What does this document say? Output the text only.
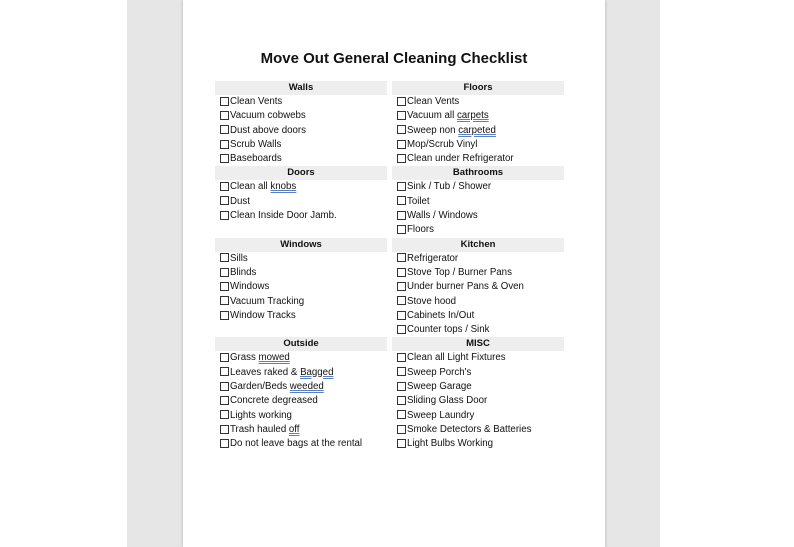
Move Out General Cleaning Checklist
Walls
Clean Vents
Vacuum cobwebs
Dust above doors
Scrub Walls
Baseboards
Doors
Clean all knobs
Dust
Clean Inside Door Jamb.
Windows
Sills
Blinds
Windows
Vacuum Tracking
Window Tracks
Outside
Grass mowed
Leaves raked & Bagged
Garden/Beds weeded
Concrete degreased
Lights working
Trash hauled off
Do not leave bags at the rental
Floors
Clean Vents
Vacuum all carpets
Sweep non carpeted
Mop/Scrub Vinyl
Clean under Refrigerator
Bathrooms
Sink / Tub / Shower
Toilet
Walls / Windows
Floors
Kitchen
Refrigerator
Stove Top / Burner Pans
Under burner Pans & Oven
Stove hood
Cabinets In/Out
Counter tops / Sink
MISC
Clean all Light Fixtures
Sweep Porch's
Sweep Garage
Sliding Glass Door
Sweep Laundry
Smoke Detectors & Batteries
Light Bulbs Working
